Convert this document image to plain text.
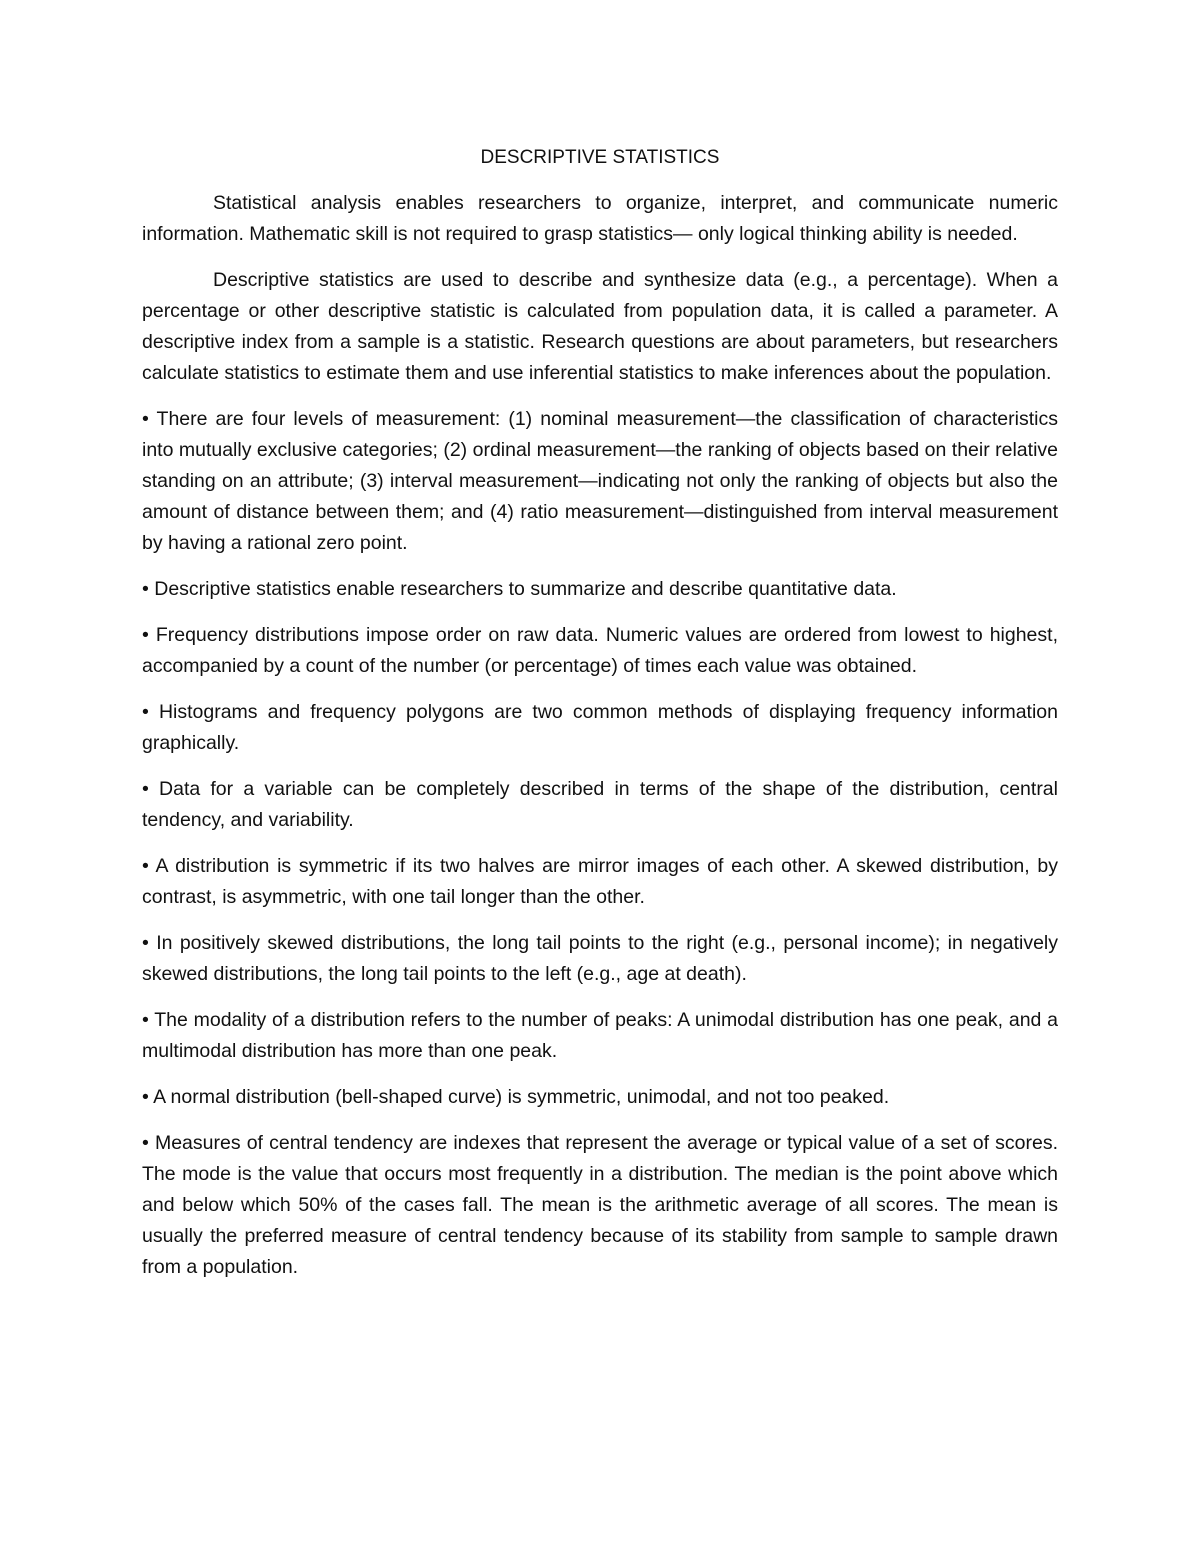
DESCRIPTIVE STATISTICS

Statistical analysis enables researchers to organize, interpret, and communicate numeric information. Mathematic skill is not required to grasp statistics— only logical thinking ability is needed.

Descriptive statistics are used to describe and synthesize data (e.g., a percentage). When a percentage or other descriptive statistic is calculated from population data, it is called a parameter. A descriptive index from a sample is a statistic. Research questions are about parameters, but researchers calculate statistics to estimate them and use inferential statistics to make inferences about the population.

• There are four levels of measurement: (1) nominal measurement—the classification of characteristics into mutually exclusive categories; (2) ordinal measurement—the ranking of objects based on their relative standing on an attribute; (3) interval measurement—indicating not only the ranking of objects but also the amount of distance between them; and (4) ratio measurement—distinguished from interval measurement by having a rational zero point.

• Descriptive statistics enable researchers to summarize and describe quantitative data.

• Frequency distributions impose order on raw data. Numeric values are ordered from lowest to highest, accompanied by a count of the number (or percentage) of times each value was obtained.

• Histograms and frequency polygons are two common methods of displaying frequency information graphically.

• Data for a variable can be completely described in terms of the shape of the distribution, central tendency, and variability.

• A distribution is symmetric if its two halves are mirror images of each other. A skewed distribution, by contrast, is asymmetric, with one tail longer than the other.

• In positively skewed distributions, the long tail points to the right (e.g., personal income); in negatively skewed distributions, the long tail points to the left (e.g., age at death).

• The modality of a distribution refers to the number of peaks: A unimodal distribution has one peak, and a multimodal distribution has more than one peak.

• A normal distribution (bell-shaped curve) is symmetric, unimodal, and not too peaked.

• Measures of central tendency are indexes that represent the average or typical value of a set of scores. The mode is the value that occurs most frequently in a distribution. The median is the point above which and below which 50% of the cases fall. The mean is the arithmetic average of all scores. The mean is usually the preferred measure of central tendency because of its stability from sample to sample drawn from a population.
